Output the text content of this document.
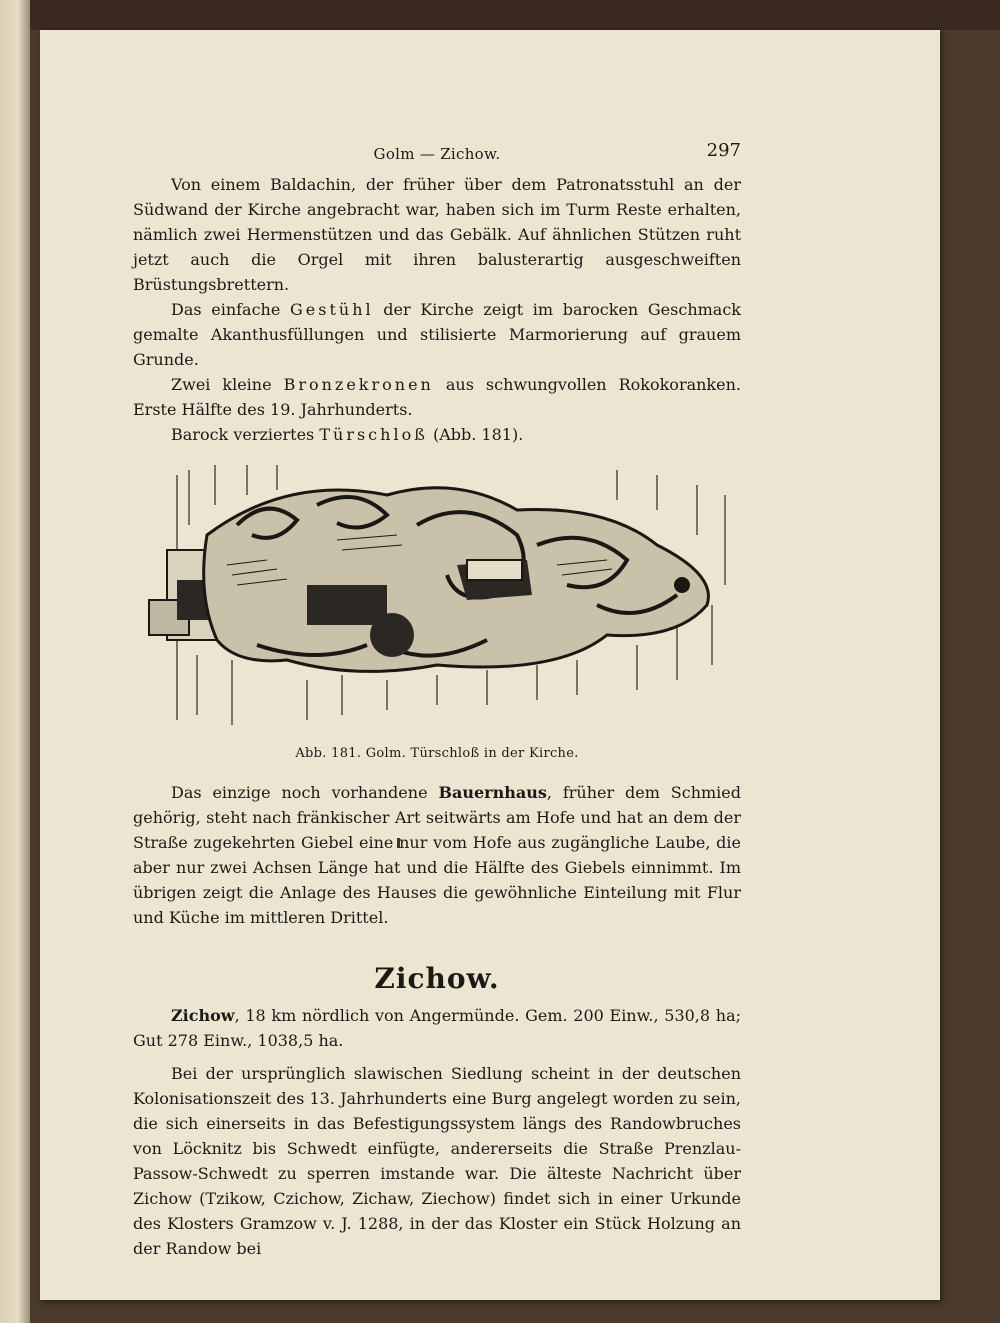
Golm — Zichow.	297

Von einem Baldachin, der früher über dem Patronatsstuhl an der Südwand der Kirche angebracht war, haben sich im Turm Reste erhalten, nämlich zwei Hermenstützen und das Gebälk. Auf ähnlichen Stützen ruht jetzt auch die Orgel mit ihren balusterartig ausgeschweiften Brüstungsbrettern.

Das einfache Gestühl der Kirche zeigt im barocken Geschmack gemalte Akanthusfüllungen und stilisierte Marmorierung auf grauem Grunde.

Zwei kleine Bronzekronen aus schwungvollen Rokokoranken. Erste Hälfte des 19. Jahrhunderts.

Barock verziertes Türschloß (Abb. 181).

Abb. 181. Golm. Türschloß in der Kirche.

Das einzige noch vorhandene Bauernhaus, früher dem Schmied gehörig, steht nach fränkischer Art seitwärts am Hofe und hat an dem der Straße zugekehrten Giebel eine nur vom Hofe aus zugängliche Laube, die aber nur zwei Achsen Länge hat und die Hälfte des Giebels einnimmt. Im übrigen zeigt die Anlage des Hauses die gewöhnliche Einteilung mit Flur und Küche im mittleren Drittel.

Zichow.

Zichow, 18 km nördlich von Angermünde. Gem. 200 Einw., 530,8 ha; Gut 278 Einw., 1038,5 ha.

Bei der ursprünglich slawischen Siedlung scheint in der deutschen Kolonisationszeit des 13. Jahrhunderts eine Burg angelegt worden zu sein, die sich einerseits in das Befestigungssystem längs des Randowbruches von Löcknitz bis Schwedt einfügte, andererseits die Straße Prenzlau-Passow-Schwedt zu sperren imstande war. Die älteste Nachricht über Zichow (Tzikow, Czichow, Zichaw, Ziechow) findet sich in einer Urkunde des Klosters Gramzow v. J. 1288, in der das Kloster ein Stück Holzung an der Randow bei
